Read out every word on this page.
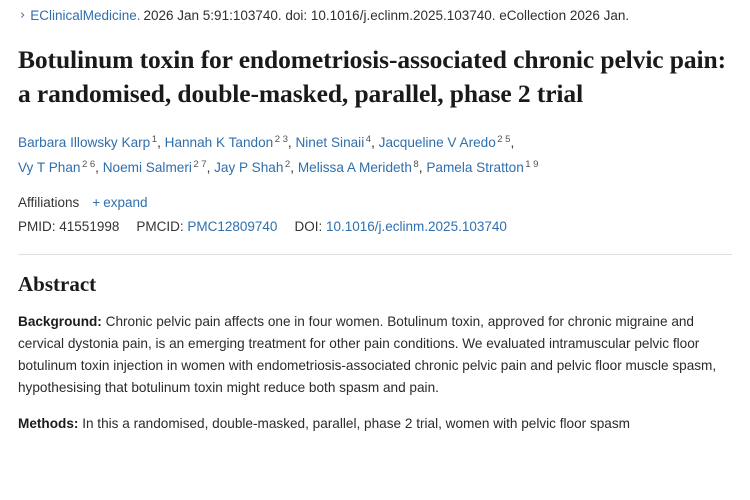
› EClinicalMedicine. 2026 Jan 5:91:103740. doi: 10.1016/j.eclinm.2025.103740. eCollection 2026 Jan.
Botulinum toxin for endometriosis-associated chronic pelvic pain: a randomised, double-masked, parallel, phase 2 trial
Barbara Illowsky Karp $^1$, Hannah K Tandon $^2$ $^3$, Ninet Sinaii $^4$, Jacqueline V Aredo $^2$ $^5$,
Vy T Phan $^2$ $^6$, Noemi Salmeri $^2$ $^7$, Jay P Shah $^2$, Melissa A Merideth $^8$, Pamela Stratton $^1$ $^9$
Affiliations + expand
PMID: 41551998 PMCID: PMC12809740 DOI: 10.1016/j.eclinm.2025.103740
Abstract

Background: Chronic pelvic pain affects one in four women. Botulinum toxin, approved for chronic migraine and cervical dystonia pain, is an emerging treatment for other pain conditions. We evaluated intramuscular pelvic floor botulinum toxin injection in women with endometriosis-associated chronic pelvic pain and pelvic floor muscle spasm, hypothesising that botulinum toxin might reduce both spasm and pain.

Methods: In this a randomised, double-masked, parallel, phase 2 trial, women with pelvic floor spasm
